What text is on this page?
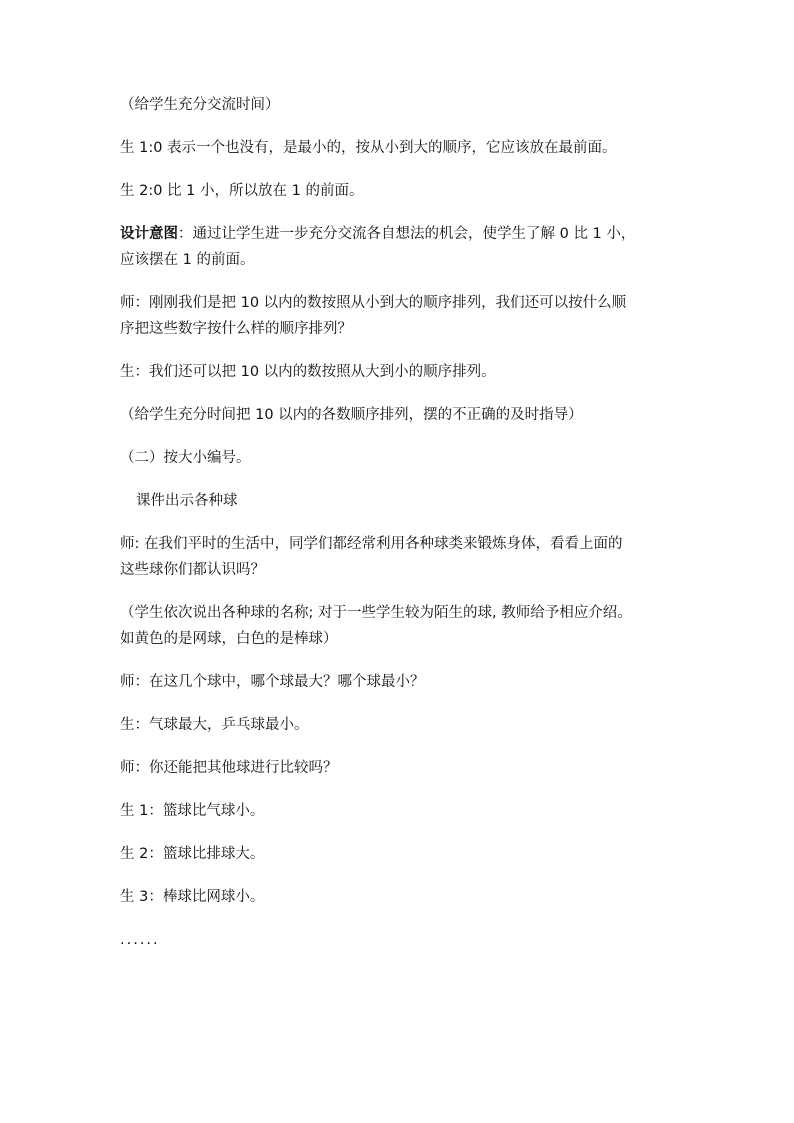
（给学生充分交流时间）

生 1:0 表示一个也没有，是最小的，按从小到大的顺序，它应该放在最前面。

生 2:0 比 1 小，所以放在 1 的前面。

设计意图：通过让学生进一步充分交流各自想法的机会，使学生了解 0 比 1 小，
应该摆在 1 的前面。

师：刚刚我们是把 10 以内的数按照从小到大的顺序排列，我们还可以按什么顺
序把这些数字按什么样的顺序排列？

生：我们还可以把 10 以内的数按照从大到小的顺序排列。

（给学生充分时间把 10 以内的各数顺序排列，摆的不正确的及时指导）

（二）按大小编号。

课件出示各种球

师: 在我们平时的生活中，同学们都经常利用各种球类来锻炼身体，看看上面的
这些球你们都认识吗？

（学生依次说出各种球的名称; 对于一些学生较为陌生的球, 教师给予相应介绍。
如黄色的是网球，白色的是棒球）

师：在这几个球中，哪个球最大？哪个球最小？

生：气球最大，乒乓球最小。

师：你还能把其他球进行比较吗？

生 1：篮球比气球小。

生 2：篮球比排球大。

生 3：棒球比网球小。

......
